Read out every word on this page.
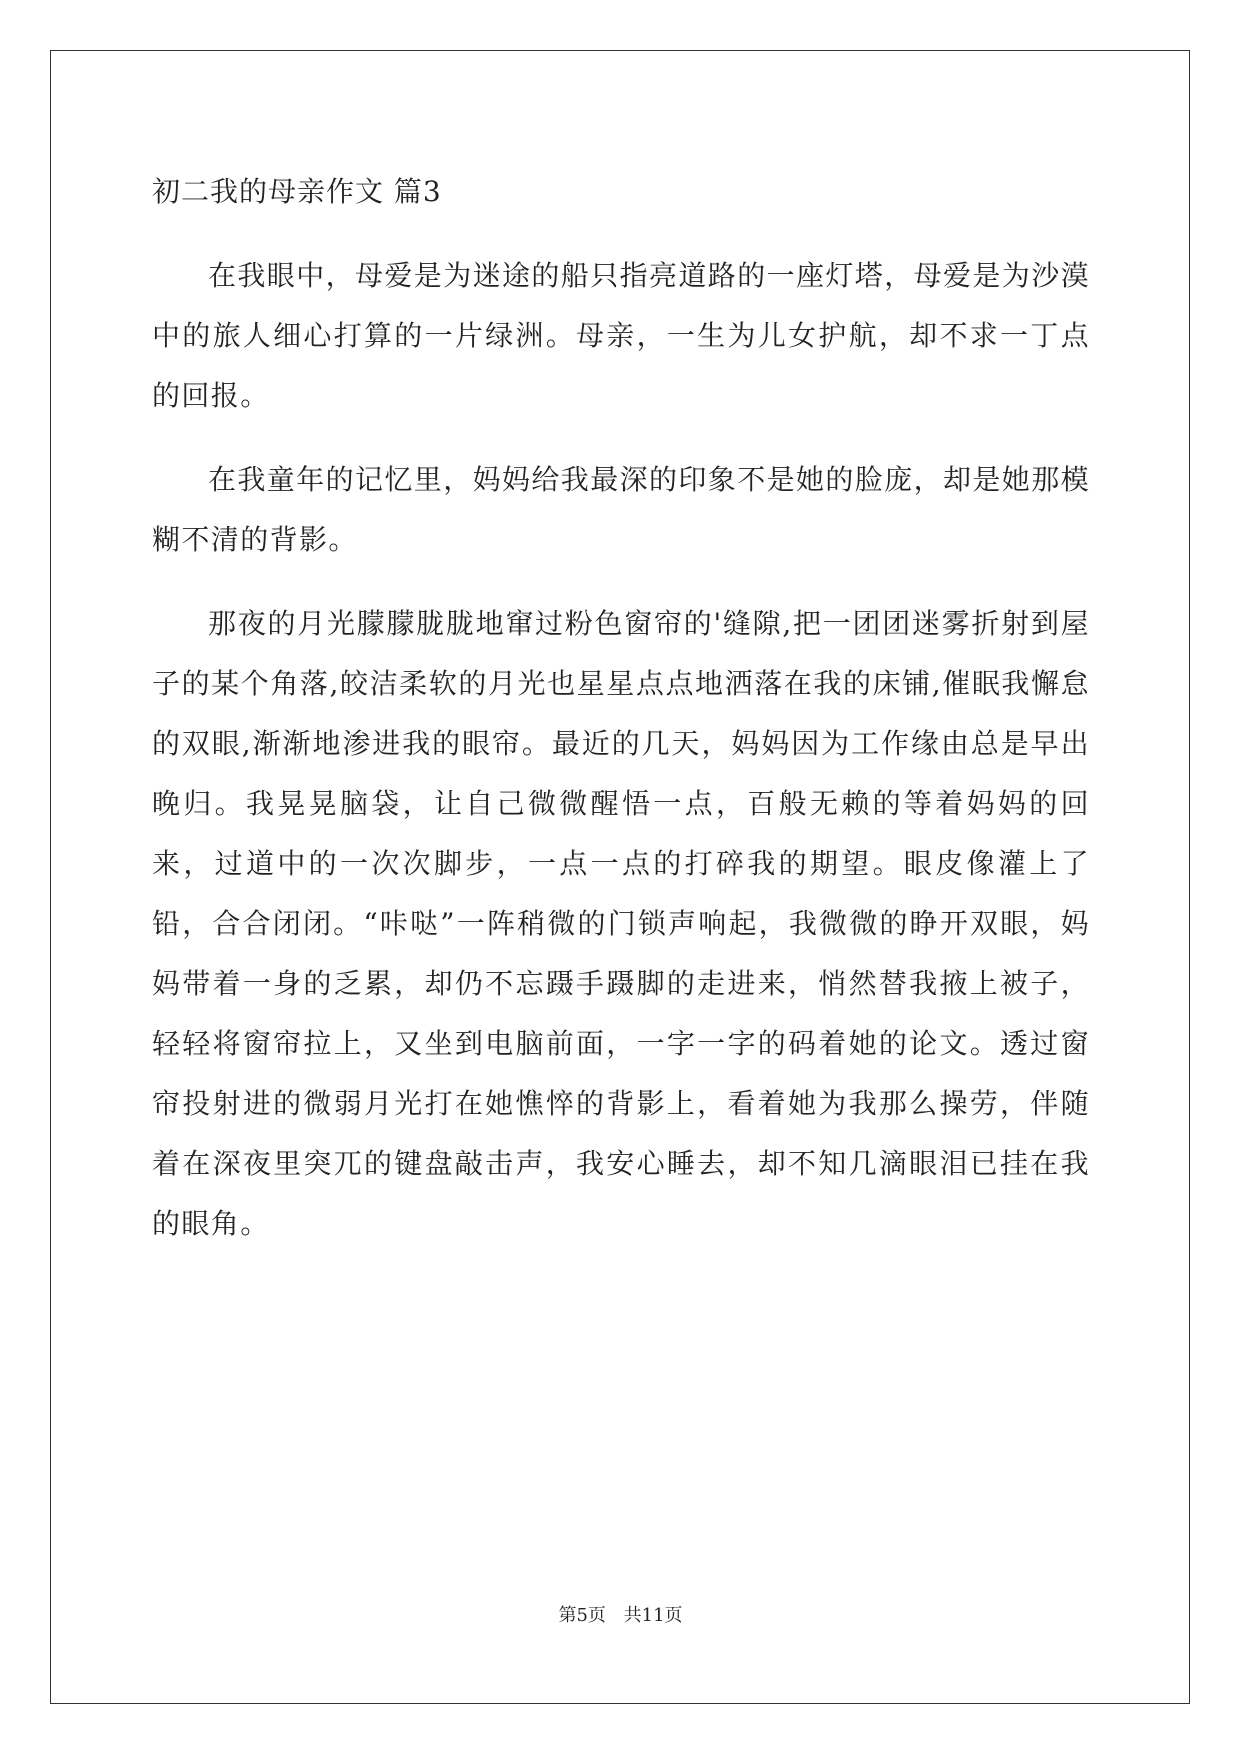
初二我的母亲作文 篇3

在我眼中，母爱是为迷途的船只指亮道路的一座灯塔，母爱是为沙漠中的旅人细心打算的一片绿洲。母亲，一生为儿女护航，却不求一丁点的回报。

在我童年的记忆里，妈妈给我最深的印象不是她的脸庞，却是她那模糊不清的背影。

那夜的月光朦朦胧胧地窜过粉色窗帘的'缝隙,把一团团迷雾折射到屋子的某个角落,皎洁柔软的月光也星星点点地洒落在我的床铺,催眠我懈怠的双眼,渐渐地渗进我的眼帘。最近的几天，妈妈因为工作缘由总是早出晚归。我晃晃脑袋，让自己微微醒悟一点，百般无赖的等着妈妈的回来，过道中的一次次脚步，一点一点的打碎我的期望。眼皮像灌上了铅，合合闭闭。“咔哒”一阵稍微的门锁声响起，我微微的睁开双眼，妈妈带着一身的乏累，却仍不忘蹑手蹑脚的走进来，悄然替我掖上被子，轻轻将窗帘拉上，又坐到电脑前面，一字一字的码着她的论文。透过窗帘投射进的微弱月光打在她憔悴的背影上，看着她为我那么操劳，伴随着在深夜里突兀的键盘敲击声，我安心睡去，却不知几滴眼泪已挂在我的眼角。

第5页 共11页
